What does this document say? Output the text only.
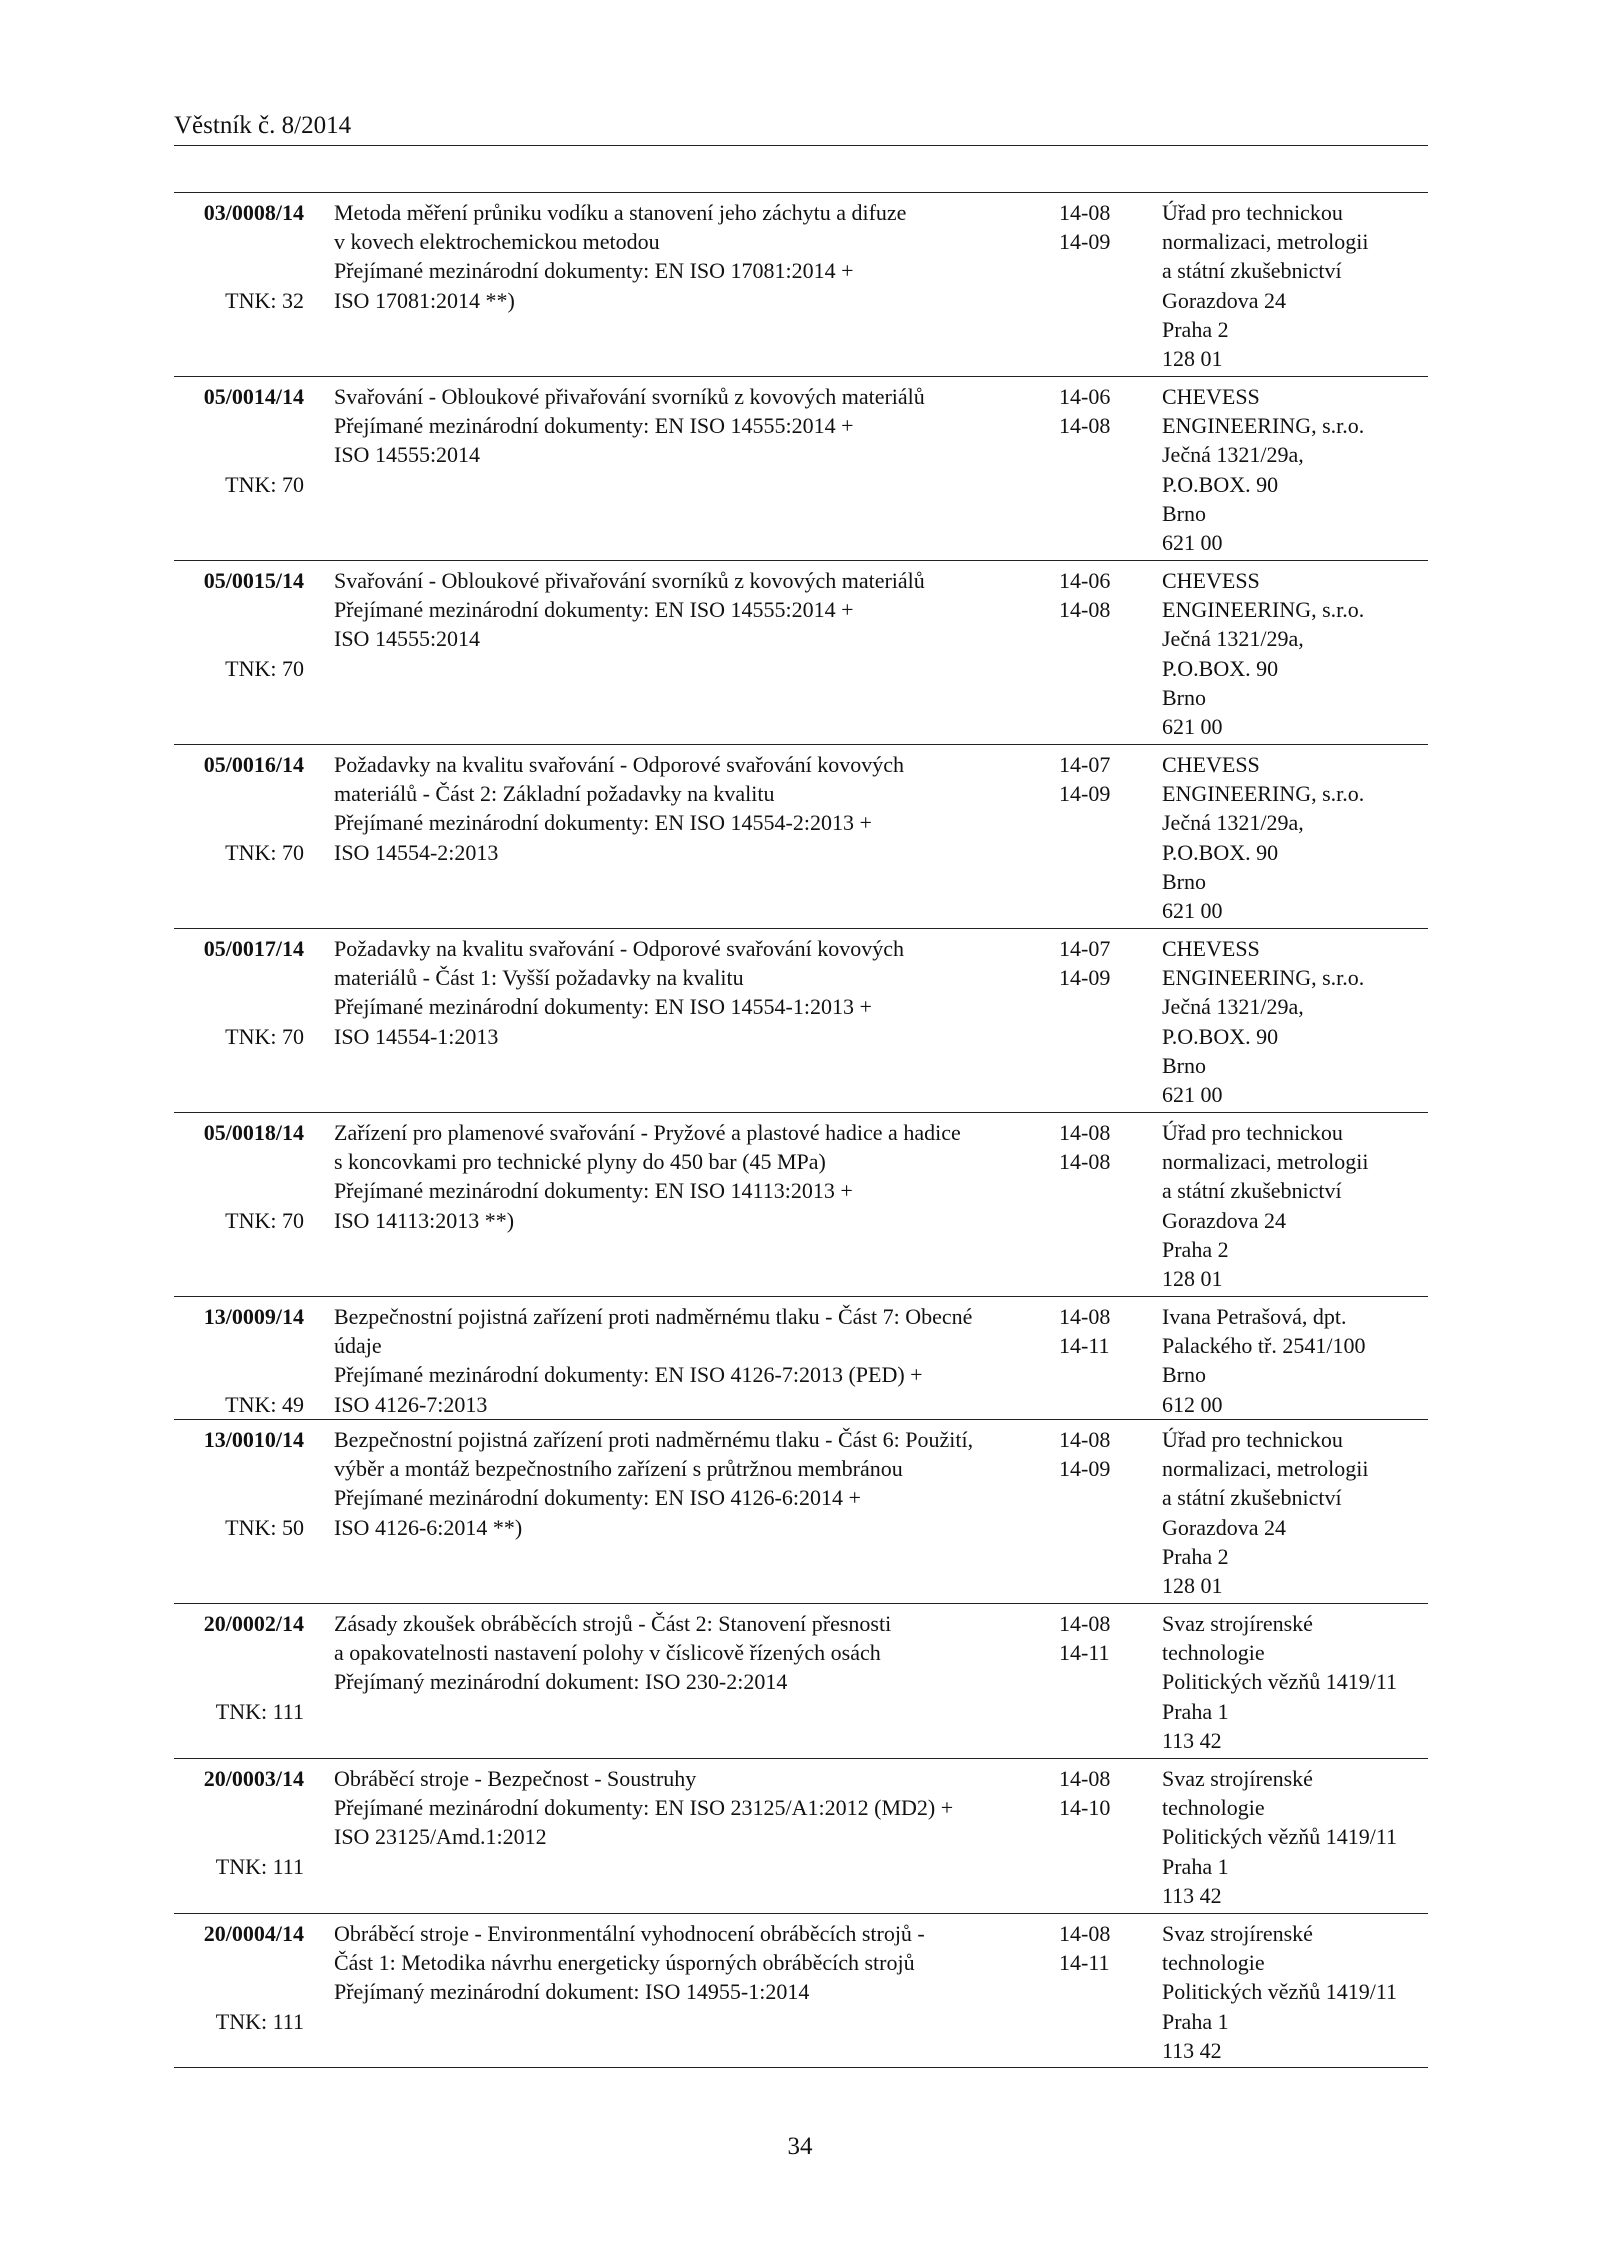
Věstník č. 8/2014
03/0008/14
TNK: 32
Metoda měření průniku vodíku a stanovení jeho záchytu a difuze
v kovech elektrochemickou metodou
Přejímané mezinárodní dokumenty: EN ISO 17081:2014 +
ISO 17081:2014 **)
14-08
14-09
Úřad pro technickou
normalizaci, metrologii
a státní zkušebnictví
Gorazdova 24
Praha 2
128 01
05/0014/14
TNK: 70
Svařování - Obloukové přivařování svorníků z kovových materiálů
Přejímané mezinárodní dokumenty: EN ISO 14555:2014 +
ISO 14555:2014
14-06
14-08
CHEVESS
ENGINEERING, s.r.o.
Ječná 1321/29a,
P.O.BOX. 90
Brno
621 00
05/0015/14
TNK: 70
Svařování - Obloukové přivařování svorníků z kovových materiálů
Přejímané mezinárodní dokumenty: EN ISO 14555:2014 +
ISO 14555:2014
14-06
14-08
CHEVESS
ENGINEERING, s.r.o.
Ječná 1321/29a,
P.O.BOX. 90
Brno
621 00
05/0016/14
TNK: 70
Požadavky na kvalitu svařování - Odporové svařování kovových
materiálů - Část 2: Základní požadavky na kvalitu
Přejímané mezinárodní dokumenty: EN ISO 14554-2:2013 +
ISO 14554-2:2013
14-07
14-09
CHEVESS
ENGINEERING, s.r.o.
Ječná 1321/29a,
P.O.BOX. 90
Brno
621 00
05/0017/14
TNK: 70
Požadavky na kvalitu svařování - Odporové svařování kovových
materiálů - Část 1: Vyšší požadavky na kvalitu
Přejímané mezinárodní dokumenty: EN ISO 14554-1:2013 +
ISO 14554-1:2013
14-07
14-09
CHEVESS
ENGINEERING, s.r.o.
Ječná 1321/29a,
P.O.BOX. 90
Brno
621 00
05/0018/14
TNK: 70
Zařízení pro plamenové svařování - Pryžové a plastové hadice a hadice
s koncovkami pro technické plyny do 450 bar (45 MPa)
Přejímané mezinárodní dokumenty: EN ISO 14113:2013 +
ISO 14113:2013 **)
14-08
14-08
Úřad pro technickou
normalizaci, metrologii
a státní zkušebnictví
Gorazdova 24
Praha 2
128 01
13/0009/14
TNK: 49
Bezpečnostní pojistná zařízení proti nadměrnému tlaku - Část 7: Obecné
údaje
Přejímané mezinárodní dokumenty: EN ISO 4126-7:2013 (PED) +
ISO 4126-7:2013
14-08
14-11
Ivana Petrašová, dpt.
Palackého tř. 2541/100
Brno
612 00
13/0010/14
TNK: 50
Bezpečnostní pojistná zařízení proti nadměrnému tlaku - Část 6: Použití,
výběr a montáž bezpečnostního zařízení s průtržnou membránou
Přejímané mezinárodní dokumenty: EN ISO 4126-6:2014 +
ISO 4126-6:2014 **)
14-08
14-09
Úřad pro technickou
normalizaci, metrologii
a státní zkušebnictví
Gorazdova 24
Praha 2
128 01
20/0002/14
TNK: 111
Zásady zkoušek obráběcích strojů - Část 2: Stanovení přesnosti
a opakovatelnosti nastavení polohy v číslicově řízených osách
Přejímaný mezinárodní dokument: ISO 230-2:2014
14-08
14-11
Svaz strojírenské
technologie
Politických vězňů 1419/11
Praha 1
113 42
20/0003/14
TNK: 111
Obráběcí stroje - Bezpečnost - Soustruhy
Přejímané mezinárodní dokumenty: EN ISO 23125/A1:2012 (MD2) +
ISO 23125/Amd.1:2012
14-08
14-10
Svaz strojírenské
technologie
Politických vězňů 1419/11
Praha 1
113 42
20/0004/14
TNK: 111
Obráběcí stroje - Environmentální vyhodnocení obráběcích strojů -
Část 1: Metodika návrhu energeticky úsporných obráběcích strojů
Přejímaný mezinárodní dokument: ISO 14955-1:2014
14-08
14-11
Svaz strojírenské
technologie
Politických vězňů 1419/11
Praha 1
113 42
34
